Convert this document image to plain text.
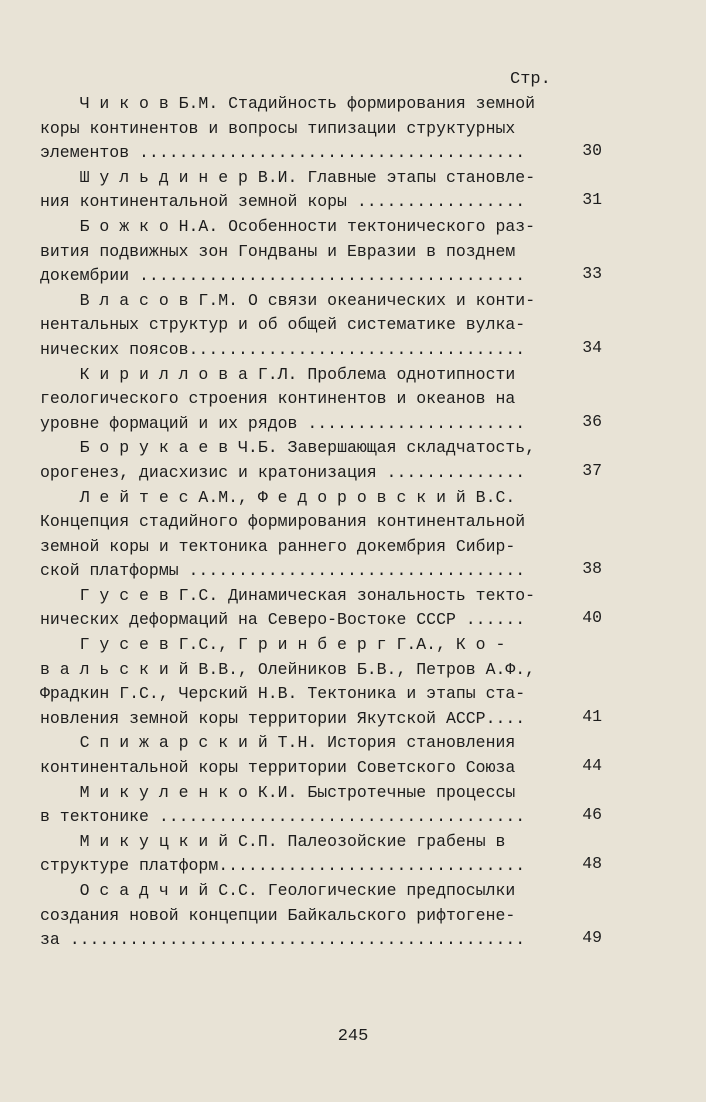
Стр.
Ч и к о в Б.М. Стадийность формирования земной
коры континентов и вопросы типизации структурных
элементов .......................................	30
Ш у л ь д и н е р В.И. Главные этапы становле-
ния континентальной земной коры .................	31
Б о ж к о Н.А. Особенности тектонического раз-
вития подвижных зон Гондваны и Евразии в позднем
докембрии .......................................	33
В л а с о в Г.М. О связи океанических и конти-
нентальных структур и об общей систематике вулка-
нических поясов..................................	34
К и р и л л о в а Г.Л. Проблема однотипности
геологического строения континентов и океанов на
уровне формаций и их рядов ......................	36
Б о р у к а е в Ч.Б. Завершающая складчатость,
орогенез, диасхизис и кратонизация ..............	37
Л е й т е с А.М., Ф е д о р о в с к и й В.С.
Концепция стадийного формирования континентальной
земной коры и тектоника раннего докембрия Сибир-
ской платформы ..................................	38
Г у с е в Г.С. Динамическая зональность текто-
нических деформаций на Северо-Востоке СССР ......	40
Г у с е в Г.С., Г р и н б е р г Г.А., К о -
в а л ь с к и й В.В., Олейников Б.В., Петров А.Ф.,
Фрадкин Г.С., Черский Н.В. Тектоника и этапы ста-
новления земной коры территории Якутской АССР....	41
С п и ж а р с к и й Т.Н. История становления
континентальной коры территории Советского Союза	44
М и к у л е н к о К.И. Быстротечные процессы
в тектонике .....................................	46
М и к у ц к и й С.П. Палеозойские грабены в
структуре платформ...............................	48
О с а д ч и й С.С. Геологические предпосылки
создания новой концепции Байкальского рифтогене-
за ..............................................	49
245
